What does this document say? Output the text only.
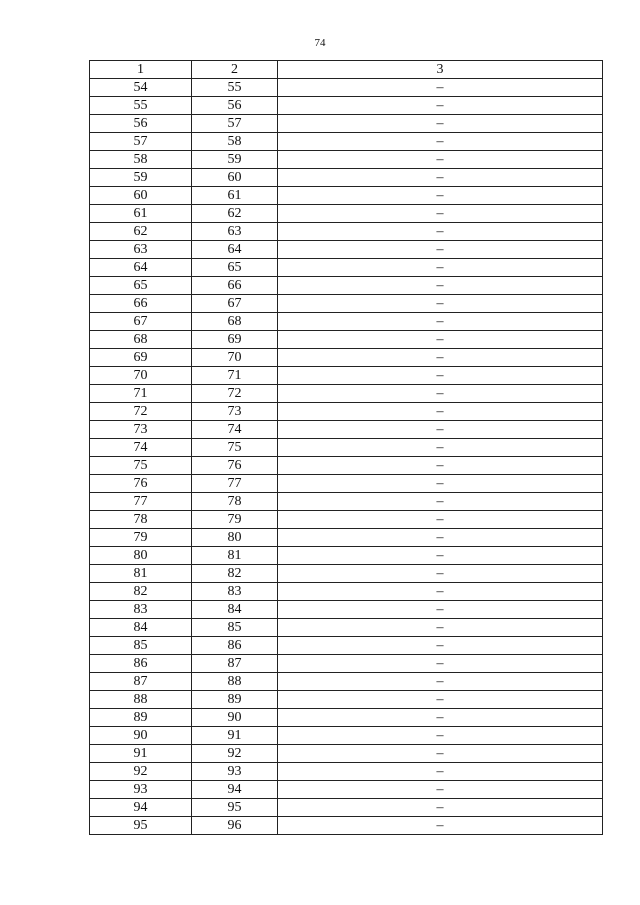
74
1	2	3
54	55	–
55	56	–
56	57	–
57	58	–
58	59	–
59	60	–
60	61	–
61	62	–
62	63	–
63	64	–
64	65	–
65	66	–
66	67	–
67	68	–
68	69	–
69	70	–
70	71	–
71	72	–
72	73	–
73	74	–
74	75	–
75	76	–
76	77	–
77	78	–
78	79	–
79	80	–
80	81	–
81	82	–
82	83	–
83	84	–
84	85	–
85	86	–
86	87	–
87	88	–
88	89	–
89	90	–
90	91	–
91	92	–
92	93	–
93	94	–
94	95	–
95	96	–
